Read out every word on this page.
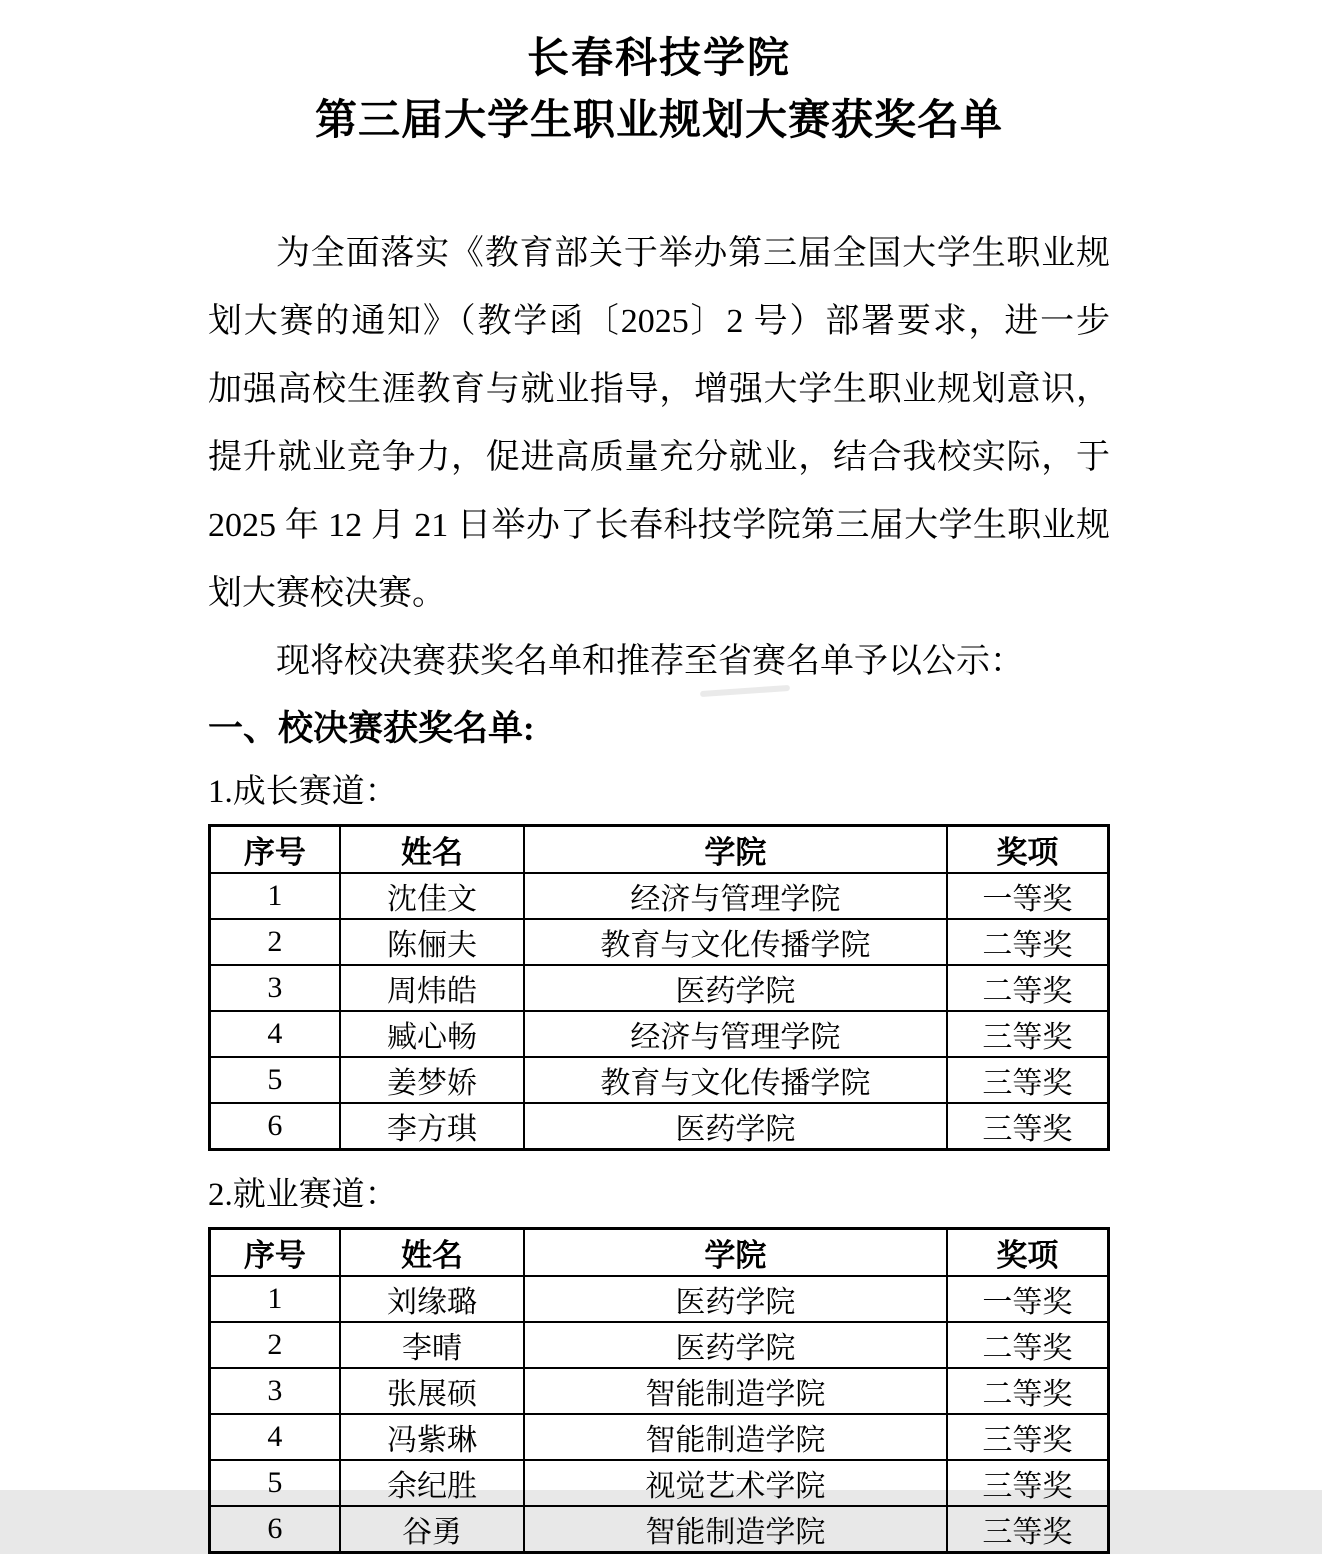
长春科技学院
第三届大学生职业规划大赛获奖名单
为全面落实《教育部关于举办第三届全国大学生职业规
划大赛的通知》（教学函〔2025〕2 号）部署要求，进一步
加强高校生涯教育与就业指导，增强大学生职业规划意识，
提升就业竞争力，促进高质量充分就业，结合我校实际，于
2025 年 12 月 21 日举办了长春科技学院第三届大学生职业规
划大赛校决赛。
现将校决赛获奖名单和推荐至省赛名单予以公示：
一、校决赛获奖名单:
1.成长赛道：
序号	姓名	学院	奖项
1	沈佳文	经济与管理学院	一等奖
2	陈俪夫	教育与文化传播学院	二等奖
3	周炜皓	医药学院	二等奖
4	臧心畅	经济与管理学院	三等奖
5	姜梦娇	教育与文化传播学院	三等奖
6	李方琪	医药学院	三等奖
2.就业赛道：
序号	姓名	学院	奖项
1	刘缘璐	医药学院	一等奖
2	李晴	医药学院	二等奖
3	张展硕	智能制造学院	二等奖
4	冯紫琳	智能制造学院	三等奖
5	余纪胜	视觉艺术学院	三等奖
6	谷勇	智能制造学院	三等奖
